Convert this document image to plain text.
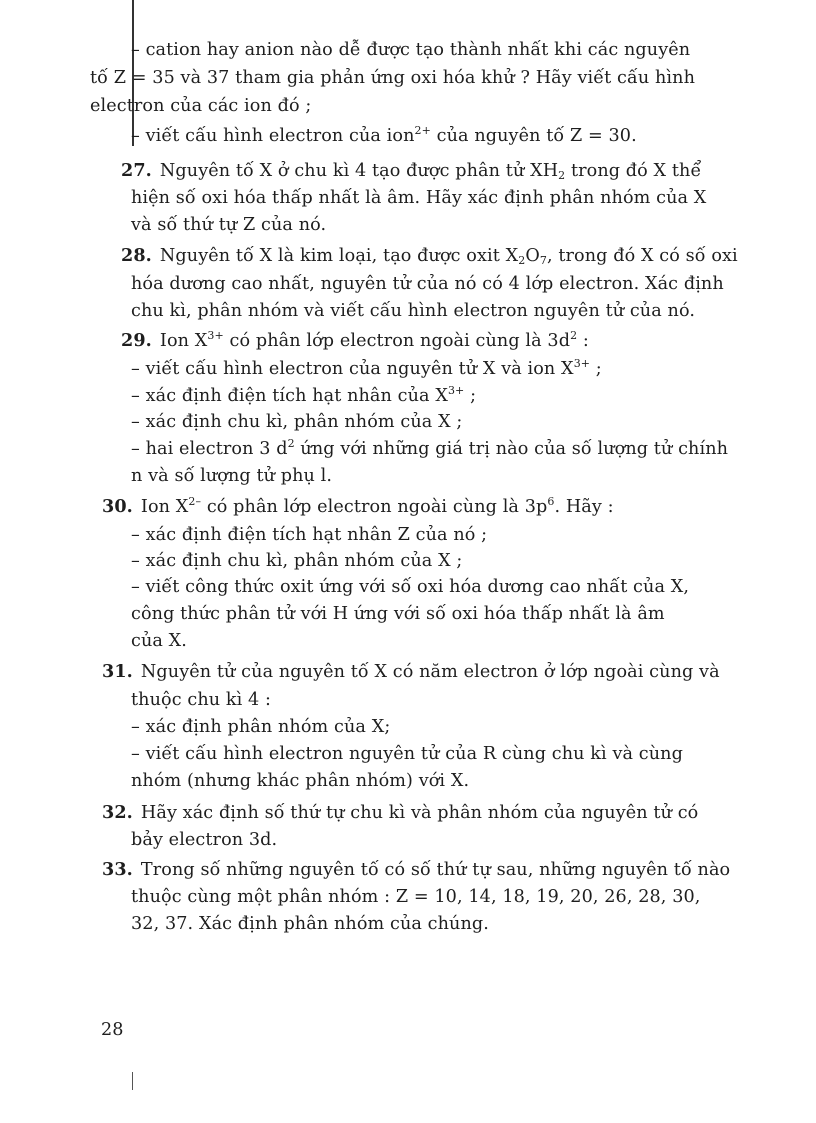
– cation hay anion nào dễ được tạo thành nhất khi các nguyên
tố Z = 35 và 37 tham gia phản ứng oxi hóa khử ? Hãy viết cấu hình
electron của các ion đó ;
– viết cấu hình electron của ion$^{2+}$ của nguyên tố Z = 30.
27. Nguyên tố X ở chu kì 4 tạo được phân tử $XH_2$ trong đó X thể
hiện số oxi hóa thấp nhất là âm. Hãy xác định phân nhóm của X
và số thứ tự Z của nó.
28. Nguyên tố X là kim loại, tạo được oxit $X_2O_7$, trong đó X có số oxi
hóa dương cao nhất, nguyên tử của nó có 4 lớp electron. Xác định
chu kì, phân nhóm và viết cấu hình electron nguyên tử của nó.
29. Ion $X^{3+}$ có phân lớp electron ngoài cùng là $3d^2$ :
– viết cấu hình electron của nguyên tử X và ion $X^{3+}$ ;
– xác định điện tích hạt nhân của $X^{3+}$ ;
– xác định chu kì, phân nhóm của X ;
– hai electron 3 $d^2$ ứng với những giá trị nào của số lượng tử chính
n và số lượng tử phụ l.
30. Ion $X^{2-}$ có phân lớp electron ngoài cùng là $3p^6$. Hãy :
– xác định điện tích hạt nhân Z của nó ;
– xác định chu kì, phân nhóm của X ;
– viết công thức oxit ứng với số oxi hóa dương cao nhất của X,
công thức phân tử với H ứng với số oxi hóa thấp nhất là âm
của X.
31. Nguyên tử của nguyên tố X có năm electron ở lớp ngoài cùng và
thuộc chu kì 4 :
– xác định phân nhóm của X;
– viết cấu hình electron nguyên tử của R cùng chu kì và cùng
nhóm (nhưng khác phân nhóm) với X.
32. Hãy xác định số thứ tự chu kì và phân nhóm của nguyên tử có
bảy electron 3d.
33. Trong số những nguyên tố có số thứ tự sau, những nguyên tố nào
thuộc cùng một phân nhóm : Z = 10, 14, 18, 19, 20, 26, 28, 30,
32, 37. Xác định phân nhóm của chúng.
28
